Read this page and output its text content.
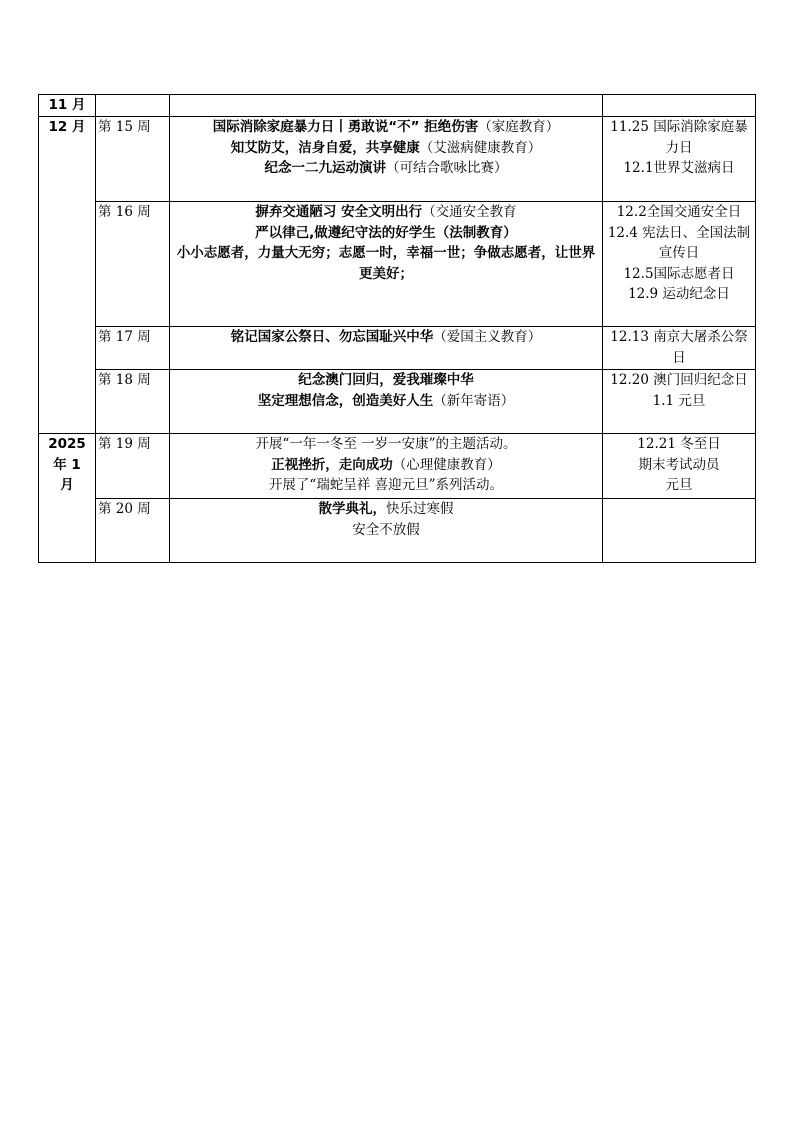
11 月			
12 月	第 15 周	国际消除家庭暴力日丨勇敢说“不” 拒绝伤害（家庭教育）
知艾防艾，洁身自爱，共享健康（艾滋病健康教育）
纪念一二九运动演讲（可结合歌咏比赛）	11.25 国际消除家庭暴力日
12.1世界艾滋病日

	第 16 周	摒弃交通陋习 安全文明出行（交通安全教育
严以律己,做遵纪守法的好学生（法制教育）
小小志愿者，力量大无穷；志愿一时，幸福一世；争做志愿者，让世界更美好；	12.2全国交通安全日
12.4 宪法日、全国法制宣传日
12.5国际志愿者日
12.9 运动纪念日

	第 17 周	铭记国家公祭日、勿忘国耻兴中华（爱国主义教育）	12.13 南京大屠杀公祭日

	第 18 周	纪念澳门回归，爱我璀璨中华
坚定理想信念，创造美好人生（新年寄语）	12.20 澳门回归纪念日
1.1 元旦

2025
年 1
月	第 19 周	开展“一年一冬至 一岁一安康”的主题活动。
正视挫折，走向成功（心理健康教育）
开展了“瑞蛇呈祥 喜迎元旦”系列活动。	12.21 冬至日
期末考试动员
元旦

	第 20 周	散学典礼，快乐过寒假
安全不放假	
